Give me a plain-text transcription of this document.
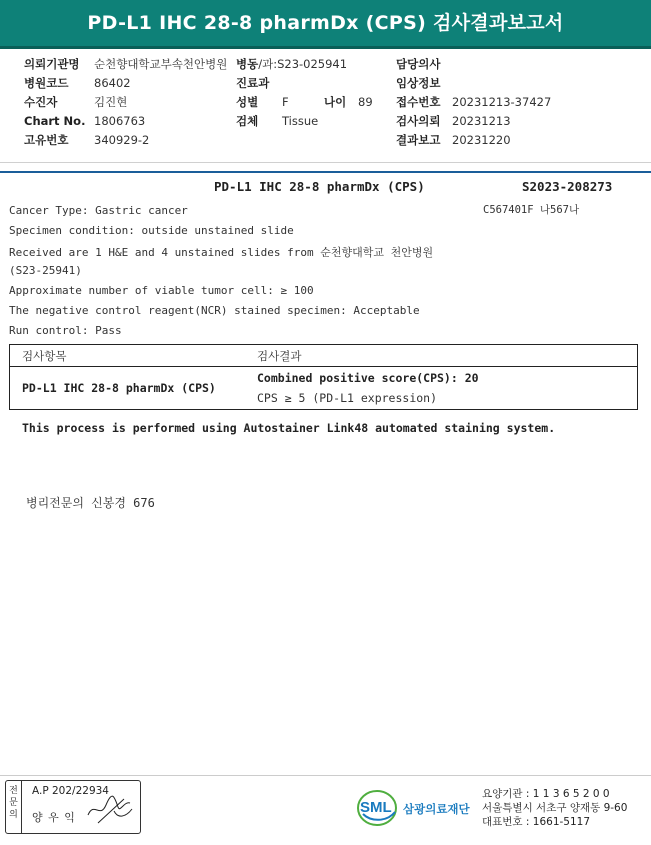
PD-L1 IHC 28-8 pharmDx (CPS) 검사결과보고서
의뢰기관명 순천향대학교부속천안병원
병원코드 86402
수진자	김진현
Chart No. 1806763
고유번호 340929-2
병동/과:S23-025941
진료과
성별 F	나이 89
검체 Tissue
담당의사
임상정보
접수번호 20231213-37427
검사의뢰 20231213
결과보고 20231220
PD-L1 IHC 28-8 pharmDx (CPS)	S2023-208273
C567401F 나567나
Cancer Type: Gastric cancer
Specimen condition: outside unstained slide
Received are 1 H&E and 4 unstained slides from 순천향대학교 천안병원
(S23-25941)
Approximate number of viable tumor cell: ≥ 100
The negative control reagent(NCR) stained specimen: Acceptable
Run control: Pass
검사항목	검사결과
PD-L1 IHC 28-8 pharmDx (CPS)	Combined positive score(CPS): 20
CPS ≥ 5 (PD-L1 expression)
This process is performed using Autostainer Link48 automated staining system.
병리전문의 신봉경 676
전문의
A.P 202/22934
양 우 익
SML 삼광의료재단
요양기관 : 1 1 3 6 5 2 0 0
서울특별시 서초구 양재동 9-60
대표번호 : 1661-5117
